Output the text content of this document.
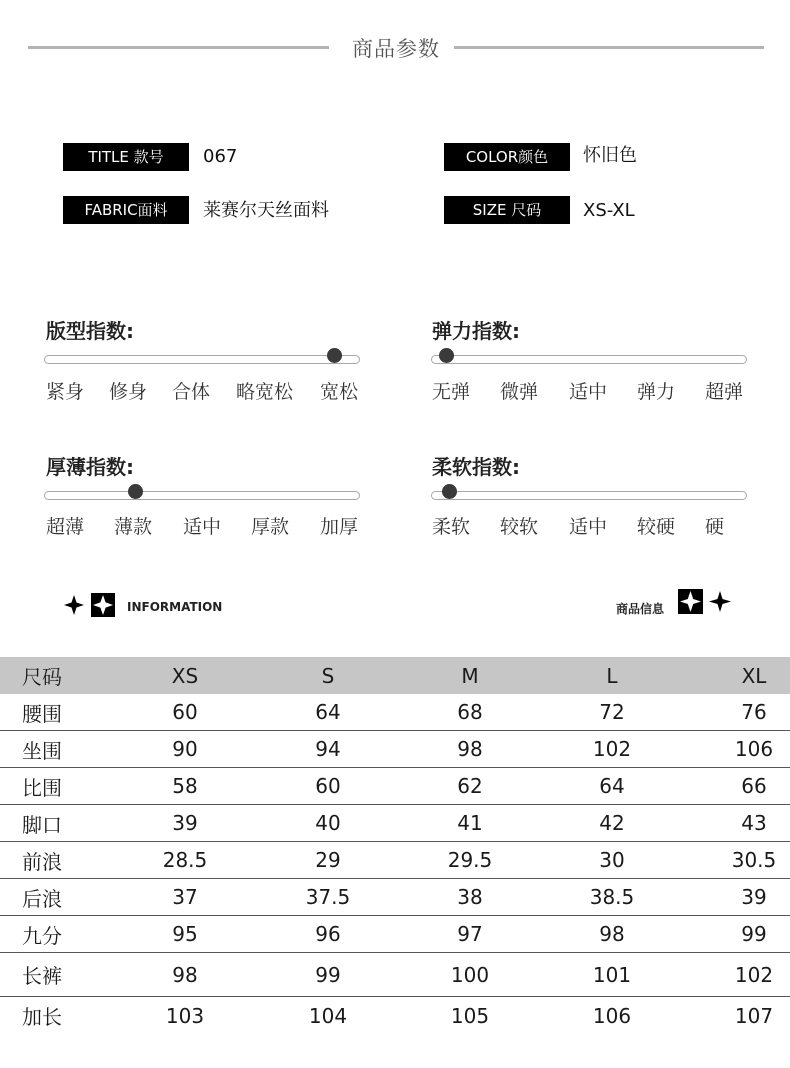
商品参数
TITLE 款号	067	COLOR颜色	怀旧色
FABRIC面料	莱赛尔天丝面料	SIZE 尺码	XS-XL
版型指数:
紧身 修身 合体 略宽松 宽松
弹力指数:
无弹 微弹 适中 弹力 超弹
厚薄指数:
超薄 薄款 适中 厚款 加厚
柔软指数:
柔软 较软 适中 较硬 硬
INFORMATION	商品信息
尺码	XS	S	M	L	XL
腰围	60	64	68	72	76
坐围	90	94	98	102	106
比围	58	60	62	64	66
脚口	39	40	41	42	43
前浪	28.5	29	29.5	30	30.5
后浪	37	37.5	38	38.5	39
九分	95	96	97	98	99
长裤	98	99	100	101	102
加长	103	104	105	106	107
